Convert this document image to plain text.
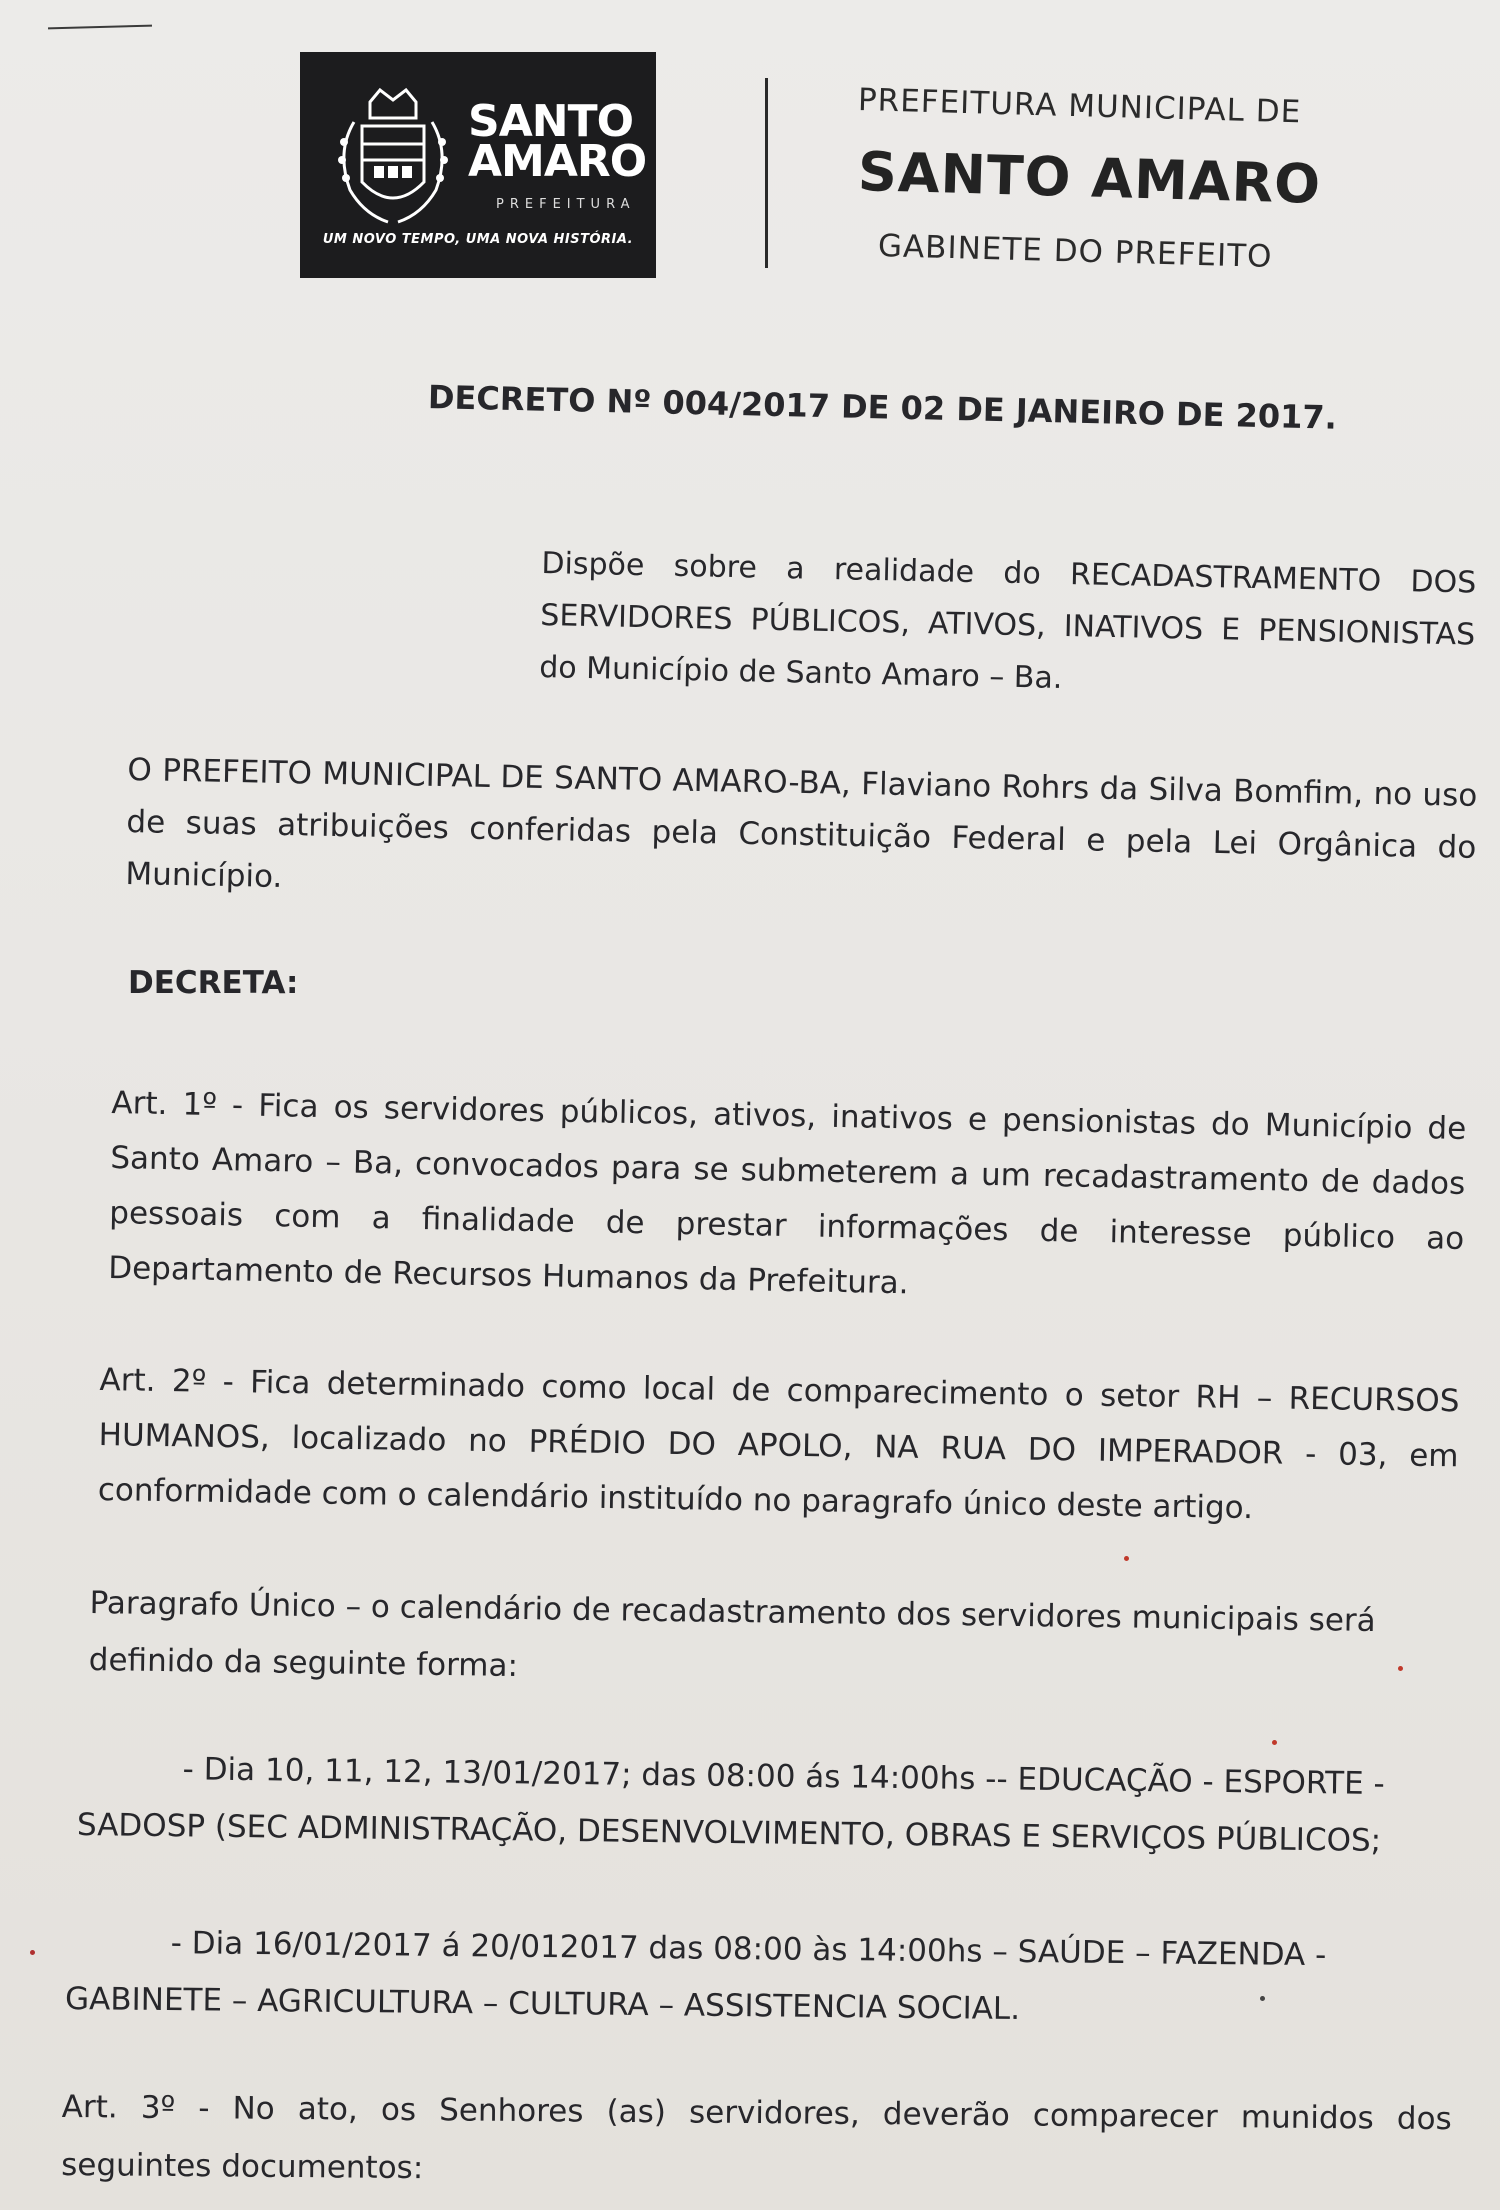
SANTO
AMARO
PREFEITURA
UM NOVO TEMPO, UMA NOVA HISTÓRIA.
PREFEITURA MUNICIPAL DE
SANTO AMARO
GABINETE DO PREFEITO
DECRETO Nº 004/2017 DE 02 DE JANEIRO DE 2017.
Dispõe sobre a realidade do RECADASTRAMENTO DOS SERVIDORES PÚBLICOS, ATIVOS, INATIVOS E PENSIONISTAS do Município de Santo Amaro – Ba.
O PREFEITO MUNICIPAL DE SANTO AMARO-BA, Flaviano Rohrs da Silva Bomfim, no uso de suas atribuições conferidas pela Constituição Federal e pela Lei Orgânica do Município.
DECRETA:
Art. 1º - Fica os servidores públicos, ativos, inativos e pensionistas do Município de Santo Amaro – Ba, convocados para se submeterem a um recadastramento de dados pessoais com a finalidade de prestar informações de interesse público ao Departamento de Recursos Humanos da Prefeitura.
Art. 2º - Fica determinado como local de comparecimento o setor RH – RECURSOS HUMANOS, localizado no PRÉDIO DO APOLO, NA RUA DO IMPERADOR - 03, em conformidade com o calendário instituído no paragrafo único deste artigo.
Paragrafo Único – o calendário de recadastramento dos servidores municipais será definido da seguinte forma:
- Dia 10, 11, 12, 13/01/2017; das 08:00 ás 14:00hs -- EDUCAÇÃO - ESPORTE -
SADOSP (SEC ADMINISTRAÇÃO, DESENVOLVIMENTO, OBRAS E SERVIÇOS PÚBLICOS;
- Dia 16/01/2017 á 20/012017 das 08:00 às 14:00hs – SAÚDE – FAZENDA -
GABINETE – AGRICULTURA – CULTURA – ASSISTENCIA SOCIAL.
Art. 3º - No ato, os Senhores (as) servidores, deverão comparecer munidos dos seguintes documentos:
